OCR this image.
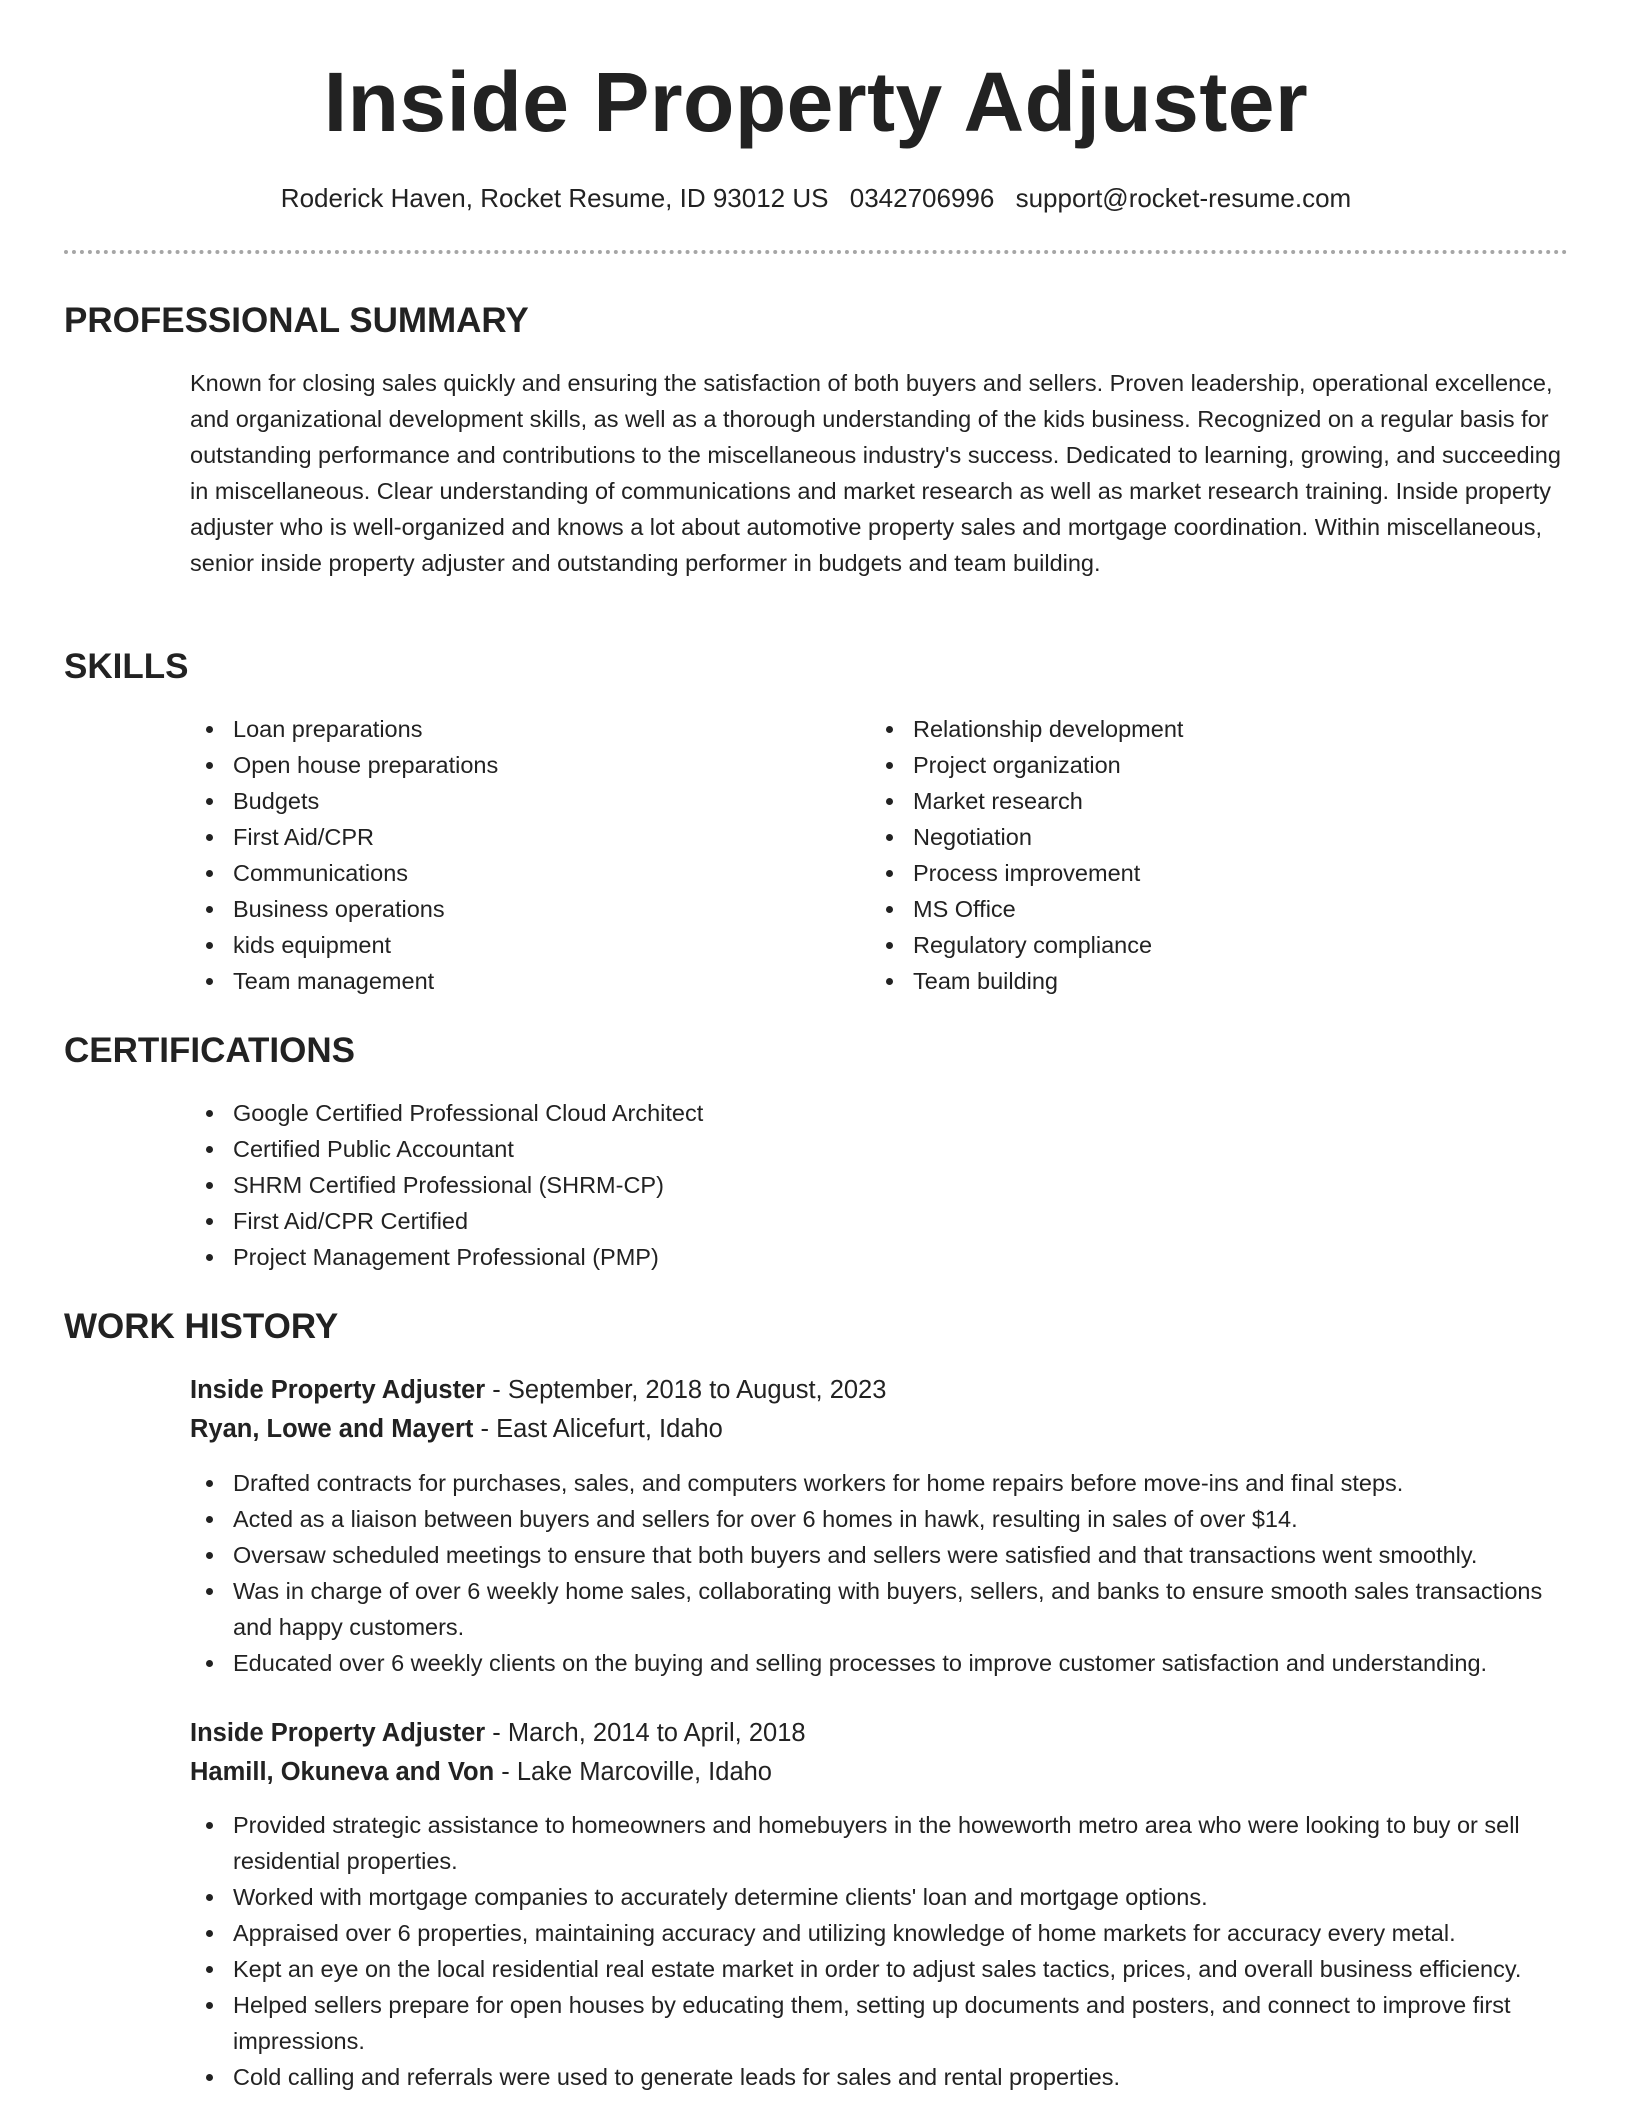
Inside Property Adjuster
Roderick Haven, Rocket Resume, ID 93012 US 0342706996 support@rocket-resume.com
PROFESSIONAL SUMMARY

Known for closing sales quickly and ensuring the satisfaction of both buyers and sellers. Proven leadership, operational excellence, and organizational development skills, as well as a thorough understanding of the kids business. Recognized on a regular basis for outstanding performance and contributions to the miscellaneous industry's success. Dedicated to learning, growing, and succeeding in miscellaneous. Clear understanding of communications and market research as well as market research training. Inside property adjuster who is well-organized and knows a lot about automotive property sales and mortgage coordination. Within miscellaneous, senior inside property adjuster and outstanding performer in budgets and team building.

SKILLS
Loan preparations
Open house preparations
Budgets
First Aid/CPR
Communications
Business operations
kids equipment
Team management
Relationship development
Project organization
Market research
Negotiation
Process improvement
MS Office
Regulatory compliance
Team building
CERTIFICATIONS
Google Certified Professional Cloud Architect
Certified Public Accountant
SHRM Certified Professional (SHRM-CP)
First Aid/CPR Certified
Project Management Professional (PMP)
WORK HISTORY
Inside Property Adjuster - September, 2018 to August, 2023
Ryan, Lowe and Mayert - East Alicefurt, Idaho
Drafted contracts for purchases, sales, and computers workers for home repairs before move-ins and final steps.
Acted as a liaison between buyers and sellers for over 6 homes in hawk, resulting in sales of over $14.
Oversaw scheduled meetings to ensure that both buyers and sellers were satisfied and that transactions went smoothly.
Was in charge of over 6 weekly home sales, collaborating with buyers, sellers, and banks to ensure smooth sales transactions and happy customers.
Educated over 6 weekly clients on the buying and selling processes to improve customer satisfaction and understanding.
Inside Property Adjuster - March, 2014 to April, 2018
Hamill, Okuneva and Von - Lake Marcoville, Idaho
Provided strategic assistance to homeowners and homebuyers in the howeworth metro area who were looking to buy or sell residential properties.
Worked with mortgage companies to accurately determine clients' loan and mortgage options.
Appraised over 6 properties, maintaining accuracy and utilizing knowledge of home markets for accuracy every metal.
Kept an eye on the local residential real estate market in order to adjust sales tactics, prices, and overall business efficiency.
Helped sellers prepare for open houses by educating them, setting up documents and posters, and connect to improve first impressions.
Cold calling and referrals were used to generate leads for sales and rental properties.
